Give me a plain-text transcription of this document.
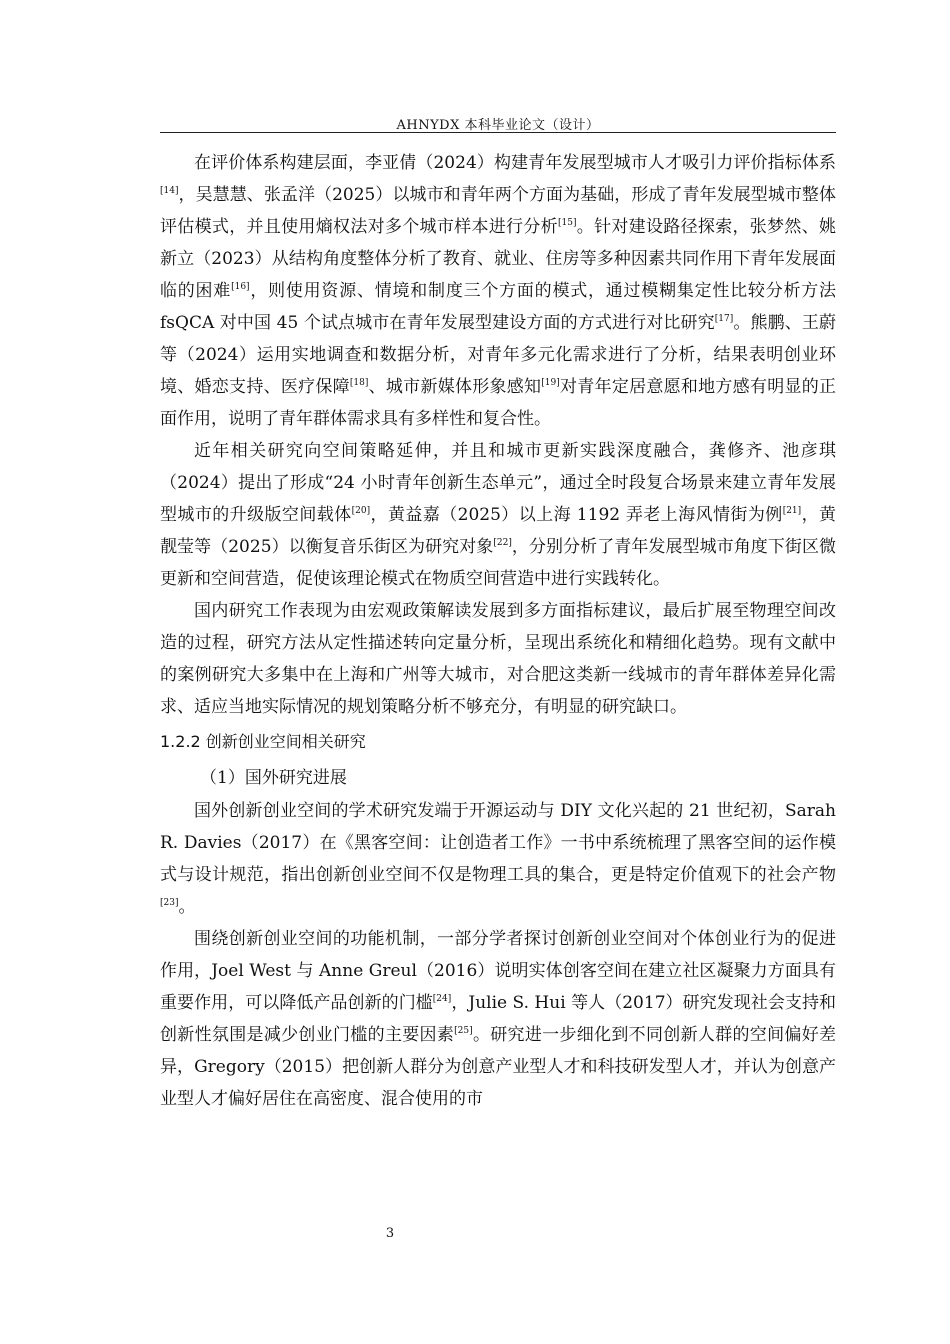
AHNYDX 本科毕业论文（设计）

在评价体系构建层面，李亚倩（2024）构建青年发展型城市人才吸引力评价指标体系[14]，吴慧慧、张孟洋（2025）以城市和青年两个方面为基础，形成了青年发展型城市整体评估模式，并且使用熵权法对多个城市样本进行分析[15]。针对建设路径探索，张梦然、姚新立（2023）从结构角度整体分析了教育、就业、住房等多种因素共同作用下青年发展面临的困难[16]，则使用资源、情境和制度三个方面的模式，通过模糊集定性比较分析方法 fsQCA 对中国 45 个试点城市在青年发展型建设方面的方式进行对比研究[17]。熊鹏、王蔚等（2024）运用实地调查和数据分析，对青年多元化需求进行了分析，结果表明创业环境、婚恋支持、医疗保障[18]、城市新媒体形象感知[19]对青年定居意愿和地方感有明显的正面作用，说明了青年群体需求具有多样性和复合性。

近年相关研究向空间策略延伸，并且和城市更新实践深度融合，龚修齐、池彦琪（2024）提出了形成“24 小时青年创新生态单元”，通过全时段复合场景来建立青年发展型城市的升级版空间载体[20]，黄益嘉（2025）以上海 1192 弄老上海风情街为例[21]，黄靓莹等（2025）以衡复音乐街区为研究对象[22]，分别分析了青年发展型城市角度下街区微更新和空间营造，促使该理论模式在物质空间营造中进行实践转化。

国内研究工作表现为由宏观政策解读发展到多方面指标建议，最后扩展至物理空间改造的过程，研究方法从定性描述转向定量分析，呈现出系统化和精细化趋势。现有文献中的案例研究大多集中在上海和广州等大城市，对合肥这类新一线城市的青年群体差异化需求、适应当地实际情况的规划策略分析不够充分，有明显的研究缺口。

1.2.2 创新创业空间相关研究
（1）国外研究进展

国外创新创业空间的学术研究发端于开源运动与 DIY 文化兴起的 21 世纪初，Sarah R. Davies（2017）在《黑客空间：让创造者工作》一书中系统梳理了黑客空间的运作模式与设计规范，指出创新创业空间不仅是物理工具的集合，更是特定价值观下的社会产物[23]。

围绕创新创业空间的功能机制，一部分学者探讨创新创业空间对个体创业行为的促进作用，Joel West 与 Anne Greul（2016）说明实体创客空间在建立社区凝聚力方面具有重要作用，可以降低产品创新的门槛[24]，Julie S. Hui 等人（2017）研究发现社会支持和创新性氛围是减少创业门槛的主要因素[25]。研究进一步细化到不同创新人群的空间偏好差异，Gregory（2015）把创新人群分为创意产业型人才和科技研发型人才，并认为创意产业型人才偏好居住在高密度、混合使用的市

3
